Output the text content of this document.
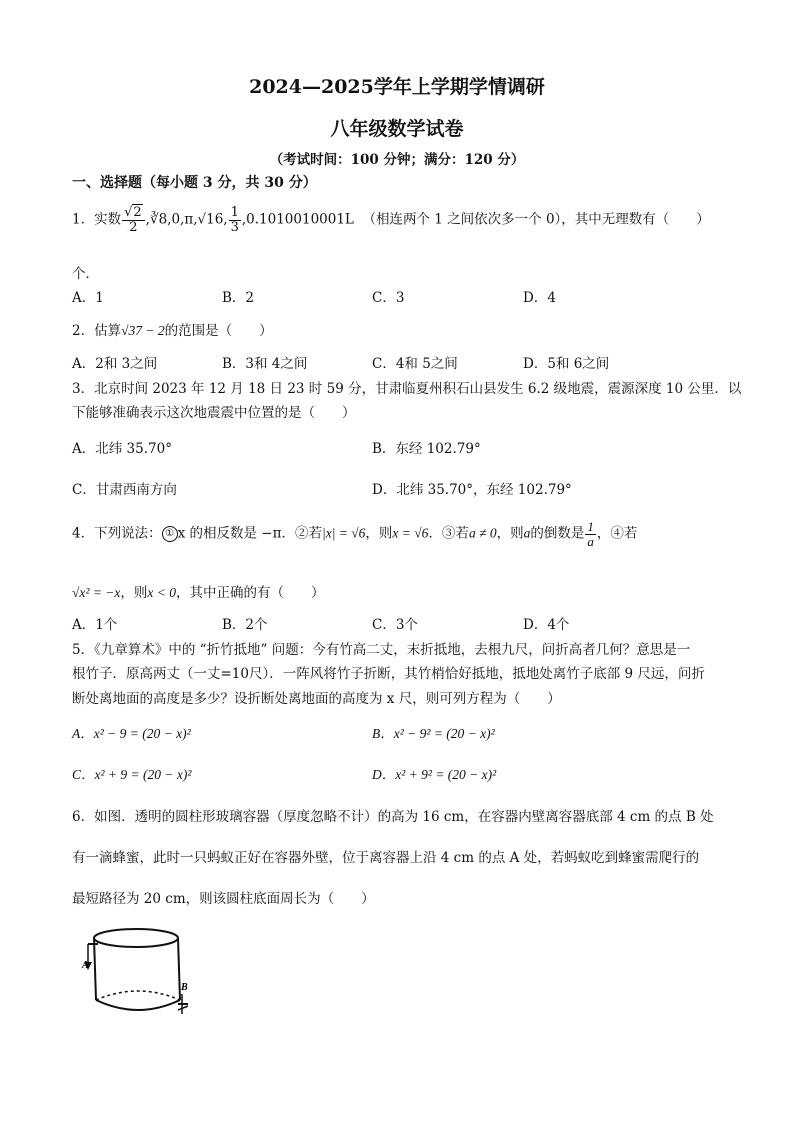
2024—2025学年上学期学情调研
八年级数学试卷
（考试时间：100 分钟；满分：120 分）
一、选择题（每小题 3 分，共 30 分）
1．实数 $\frac{√2}{2}$ ,∛8,0,π,√16, $\frac{1}{3} ,0.1010010001L$ （相连两个 1 之间依次多一个 0），其中无理数有（　　）
个．
A．1	B．2	C．3	D．4
2．估算√37 − 2的范围是（　　）
A．2和 3之间	B．3和 4之间	C．4和 5之间	D．5和 6之间
3．北京时间 2023 年 12 月 18 日 23 时 59 分，甘肃临夏州积石山县发生 6.2 级地震，震源深度 10 公里．以
下能够准确表示这次地震震中位置的是（　　）
A．北纬 35.70°	B．东经 102.79°
C．甘肃西南方向	D．北纬 35.70°，东经 102.79°
4．下列说法： ① x 的相反数是 −π．②若|x| = √6，则x = √6．③若a ≠ 0，则a的倒数是 $\frac{1}{a}$ ，④若
√x² = −x，则x < 0，其中正确的有（　　）
A．1个	B．2个	C．3个	D．4个
5．《九章算术》中的 “折竹抵地” 问题：今有竹高二丈，末折抵地，去根九尺，问折高者几何？意思是一
根竹子．原高两丈（一丈=10尺）．一阵风将竹子折断，其竹梢恰好抵地，抵地处离竹子底部 9 尺远，问折
断处离地面的高度是多少？设折断处离地面的高度为 x 尺，则可列方程为（　　）
A．x² − 9 = (20 − x)²	B．x² − 9² = (20 − x)²
C．x² + 9 = (20 − x)²	D．x² + 9² = (20 − x)²
6．如图．透明的圆柱形玻璃容器（厚度忽略不计）的高为 16 cm，在容器内壁离容器底部 4 cm 的点 B 处
有一滴蜂蜜，此时一只蚂蚁正好在容器外壁，位于离容器上沿 4 cm 的点 A 处，若蚂蚁吃到蜂蜜需爬行的
最短路径为 20 cm，则该圆柱底面周长为（　　）
A
B
